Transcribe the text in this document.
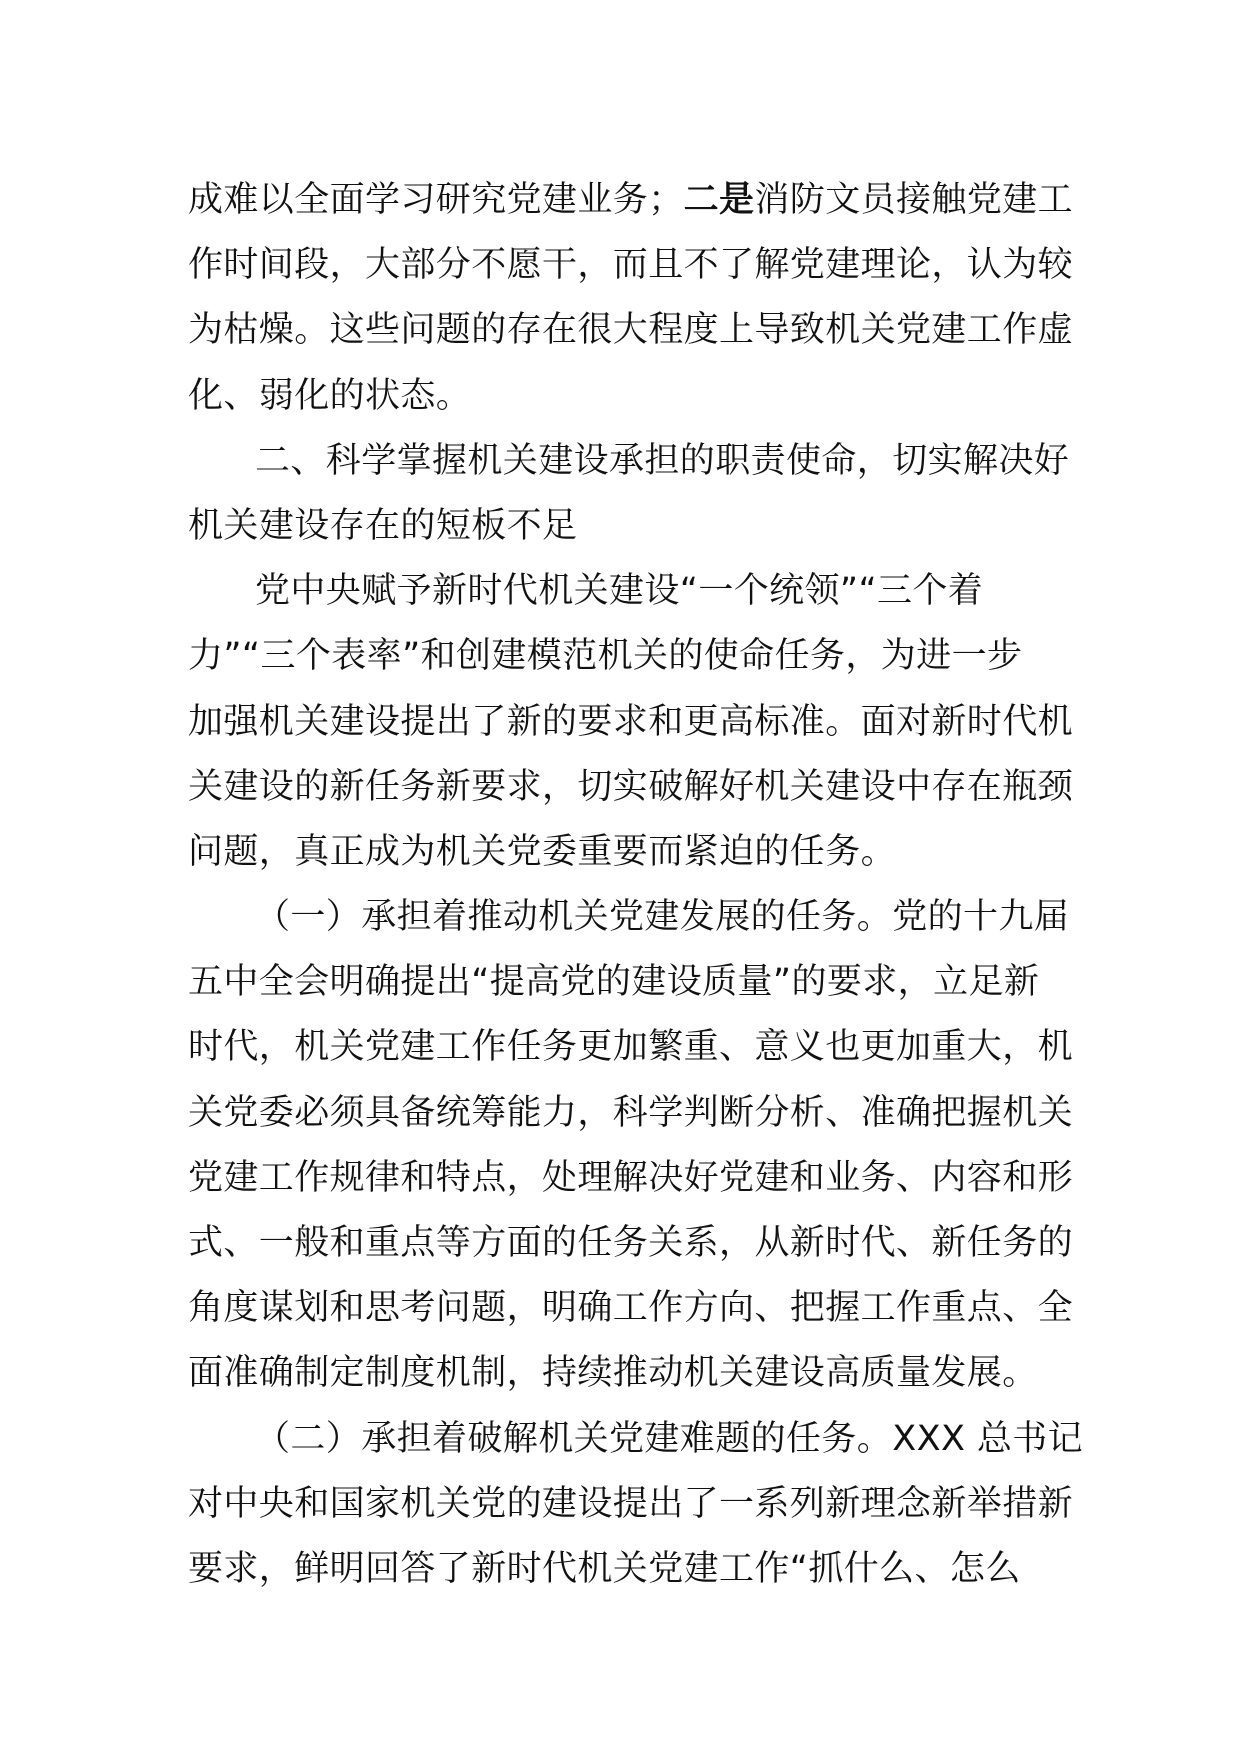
成难以全面学习研究党建业务；二是消防文员接触党建工
作时间段，大部分不愿干，而且不了解党建理论，认为较
为枯燥。这些问题的存在很大程度上导致机关党建工作虚
化、弱化的状态。
二、科学掌握机关建设承担的职责使命，切实解决好
机关建设存在的短板不足
党中央赋予新时代机关建设“一个统领”“三个着
力”“三个表率”和创建模范机关的使命任务，为进一步
加强机关建设提出了新的要求和更高标准。面对新时代机
关建设的新任务新要求，切实破解好机关建设中存在瓶颈
问题，真正成为机关党委重要而紧迫的任务。
（一）承担着推动机关党建发展的任务。党的十九届
五中全会明确提出“提高党的建设质量”的要求，立足新
时代，机关党建工作任务更加繁重、意义也更加重大，机
关党委必须具备统筹能力，科学判断分析、准确把握机关
党建工作规律和特点，处理解决好党建和业务、内容和形
式、一般和重点等方面的任务关系，从新时代、新任务的
角度谋划和思考问题，明确工作方向、把握工作重点、全
面准确制定制度机制，持续推动机关建设高质量发展。
（二）承担着破解机关党建难题的任务。XXX 总书记
对中央和国家机关党的建设提出了一系列新理念新举措新
要求，鲜明回答了新时代机关党建工作“抓什么、怎么
